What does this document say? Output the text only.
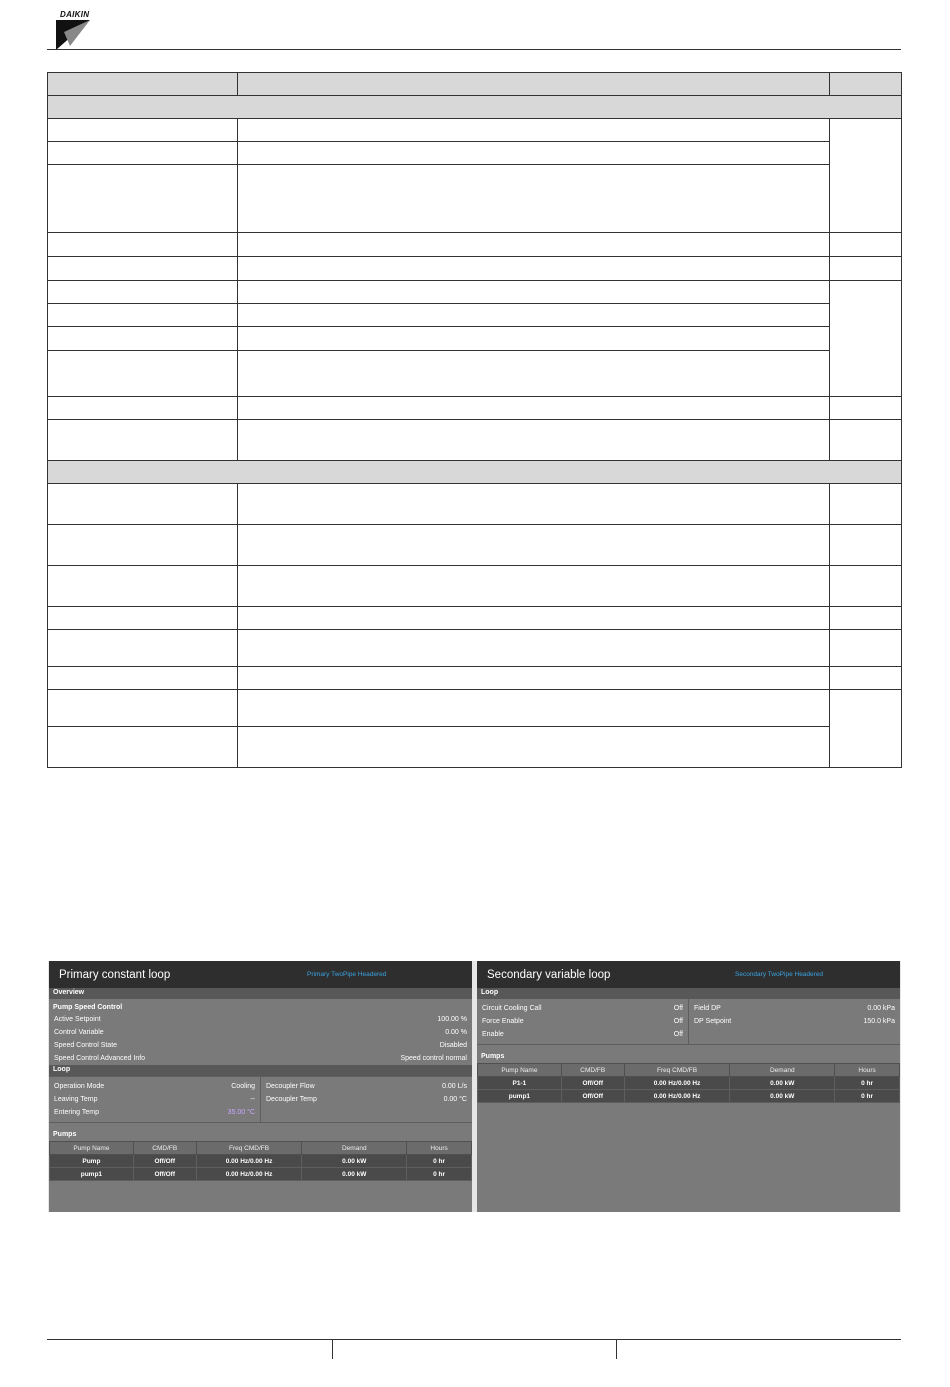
DAIKIN

Primary constant loop	Primary TwoPipe Headered
Overview
Pump Speed Control
Active Setpoint	100.00 %
Control Variable	0.00 %
Speed Control State	Disabled
Speed Control Advanced Info	Speed control normal
Loop
Operation Mode	Cooling
Leaving Temp	--
Entering Temp	35.00 °C
Decoupler Flow	0.00 L/s
Decoupler Temp	0.00 °C
Pumps
Pump Name	CMD/FB	Freq CMD/FB	Demand	Hours
Pump	Off/Off	0.00 Hz/0.00 Hz	0.00 kW	0 hr
pump1	Off/Off	0.00 Hz/0.00 Hz	0.00 kW	0 hr
Secondary variable loop	Secondary TwoPipe Headered
Loop
Circuit Cooling Call	Off
Force Enable	Off
Enable	Off
Field DP	0.00 kPa
DP Setpoint	150.0 kPa
Pumps
Pump Name	CMD/FB	Freq CMD/FB	Demand	Hours
P1-1	Off/Off	0.00 Hz/0.00 Hz	0.00 kW	0 hr
pump1	Off/Off	0.00 Hz/0.00 Hz	0.00 kW	0 hr
